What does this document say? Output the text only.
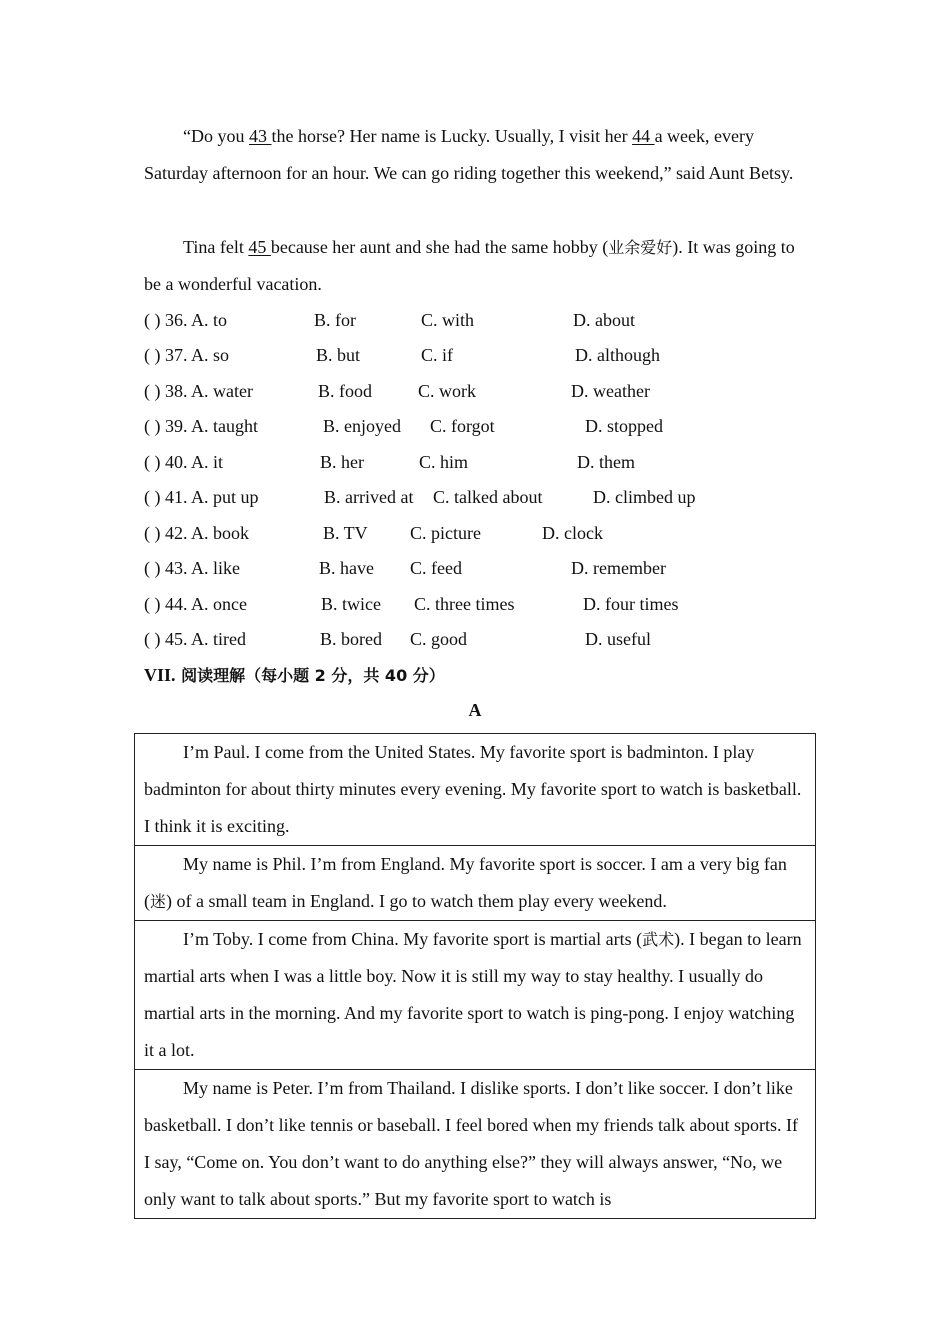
“Do you 43 the horse? Her name is Lucky. Usually, I visit her 44 a week, every Saturday afternoon for an hour. We can go riding together this weekend,” said Aunt Betsy.

Tina felt 45 because her aunt and she had the same hobby (业余爱好). It was going to be a wonderful vacation.

( ) 36. A. to	B. for	C. with	D. about
( ) 37. A. so	B. but	C. if	D. although
( ) 38. A. water	B. food	C. work	D. weather
( ) 39. A. taught	B. enjoyed C. forgot	D. stopped
( ) 40. A. it	B. her	C. him	D. them
( ) 41. A. put up	B. arrived at C. talked about	D. climbed up
( ) 42. A. book	B. TV C. picture	D. clock
( ) 43. A. like	B. have C. feed	D. remember
( ) 44. A. once	B. twice C. three times	D. four times
( ) 45. A. tired	B. bored C. good	D. useful
VII. 阅读理解（每小题 2 分，共 40 分）
A
I’m Paul. I come from the United States. My favorite sport is badminton. I play badminton for about thirty minutes every evening. My favorite sport to watch is basketball. I think it is exciting.
My name is Phil. I’m from England. My favorite sport is soccer. I am a very big fan (迷) of a small team in England. I go to watch them play every weekend.
I’m Toby. I come from China. My favorite sport is martial arts (武术). I began to learn martial arts when I was a little boy. Now it is still my way to stay healthy. I usually do martial arts in the morning. And my favorite sport to watch is ping-pong. I enjoy watching it a lot.
My name is Peter. I’m from Thailand. I dislike sports. I don’t like soccer. I don’t like basketball. I don’t like tennis or baseball. I feel bored when my friends talk about sports. If I say, “Come on. You don’t want to do anything else?” they will always answer, “No, we only want to talk about sports.” But my favorite sport to watch is
